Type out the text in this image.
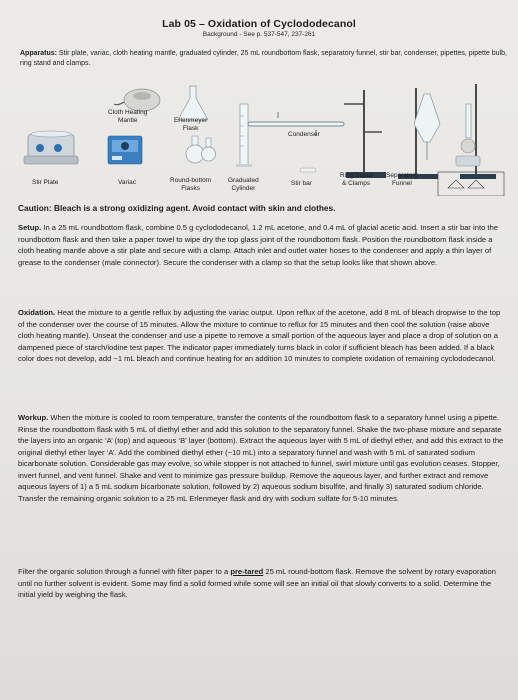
Lab 05 – Oxidation of Cyclododecanol
Background - See p. 537-547, 237-261
Apparatus: Stir plate, variac, cloth heating mantle, graduated cylinder, 25 mL roundbottom flask, separatory funnel, stir bar, condenser, pipettes, pipette bulb, ring stand and clamps.
Stir Plate
Cloth Heating
Mantle	Erlenmeyer
Flask
Condenser
Variac	Round-bottom
Flasks
Graduated
Cylinder
Stir bar
Ring Stand
& Clamps
Separatory
Funnel
Caution: Bleach is a strong oxidizing agent. Avoid contact with skin and clothes.
Setup. In a 25 mL roundbottom flask, combine 0.5 g cyclododecanol, 1.2 mL acetone, and 0.4 mL of glacial acetic acid. Insert a stir bar into the roundbottom flask and then take a paper towel to wipe dry the top glass joint of the roundbottom flask. Position the roundbottom flask inside a cloth heating mantle above a stir plate and secure with a clamp. Attach inlet and outlet water hoses to the condenser and apply a thin layer of grease to the condenser (male connector). Secure the condenser with a clamp so that the setup looks like that shown above.
Oxidation. Heat the mixture to a gentle reflux by adjusting the variac output. Upon reflux of the acetone, add 8 mL of bleach dropwise to the top of the condenser over the course of 15 minutes. Allow the mixture to continue to reflux for 15 minutes and then cool the solution (raise above cloth heating mantle). Unseat the condenser and use a pipette to remove a small portion of the aqueous layer and place a drop of solution on a dampened piece of starch/iodine test paper. The indicator paper immediately turns black in color if sufficient bleach has been added. If a black color does not develop, add ~1 mL bleach and continue heating for an addition 10 minutes to complete oxidation of remaining cyclododecanol.
Workup. When the mixture is cooled to room temperature, transfer the contents of the roundbottom flask to a separatory funnel using a pipette. Rinse the roundbottom flask with 5 mL of diethyl ether and add this solution to the separatory funnel. Shake the two-phase mixture and separate the layers into an organic ‘A’ (top) and aqueous ‘B’ layer (bottom). Extract the aqueous layer with 5 mL of diethyl ether, and add this extract to the original diethyl ether layer ‘A’. Add the combined diethyl ether (~10 mL) into a separatory funnel and wash with 5 mL of saturated sodium bicarbonate solution. Considerable gas may evolve, so while stopper is not attached to funnel, swirl mixture until gas evolution ceases. Stopper, invert funnel, and vent funnel. Shake and vent to minimize gas pressure buildup. Remove the aqueous layer, and further extract and remove aqueous layers of 1) a 5 mL sodium bicarbonate solution, followed by 2) aqueous sodium bisulfite, and finally 3) saturated sodium chloride. Transfer the remaining organic solution to a 25 mL Erlenmeyer flask and dry with sodium sulfate for 5-10 minutes.
Filter the organic solution through a funnel with filter paper to a pre-tared 25 mL round-bottom flask. Remove the solvent by rotary evaporation until no further solvent is evident. Some may find a solid formed while some will see an initial oil that slowly converts to a solid. Determine the initial yield by weighing the flask.
